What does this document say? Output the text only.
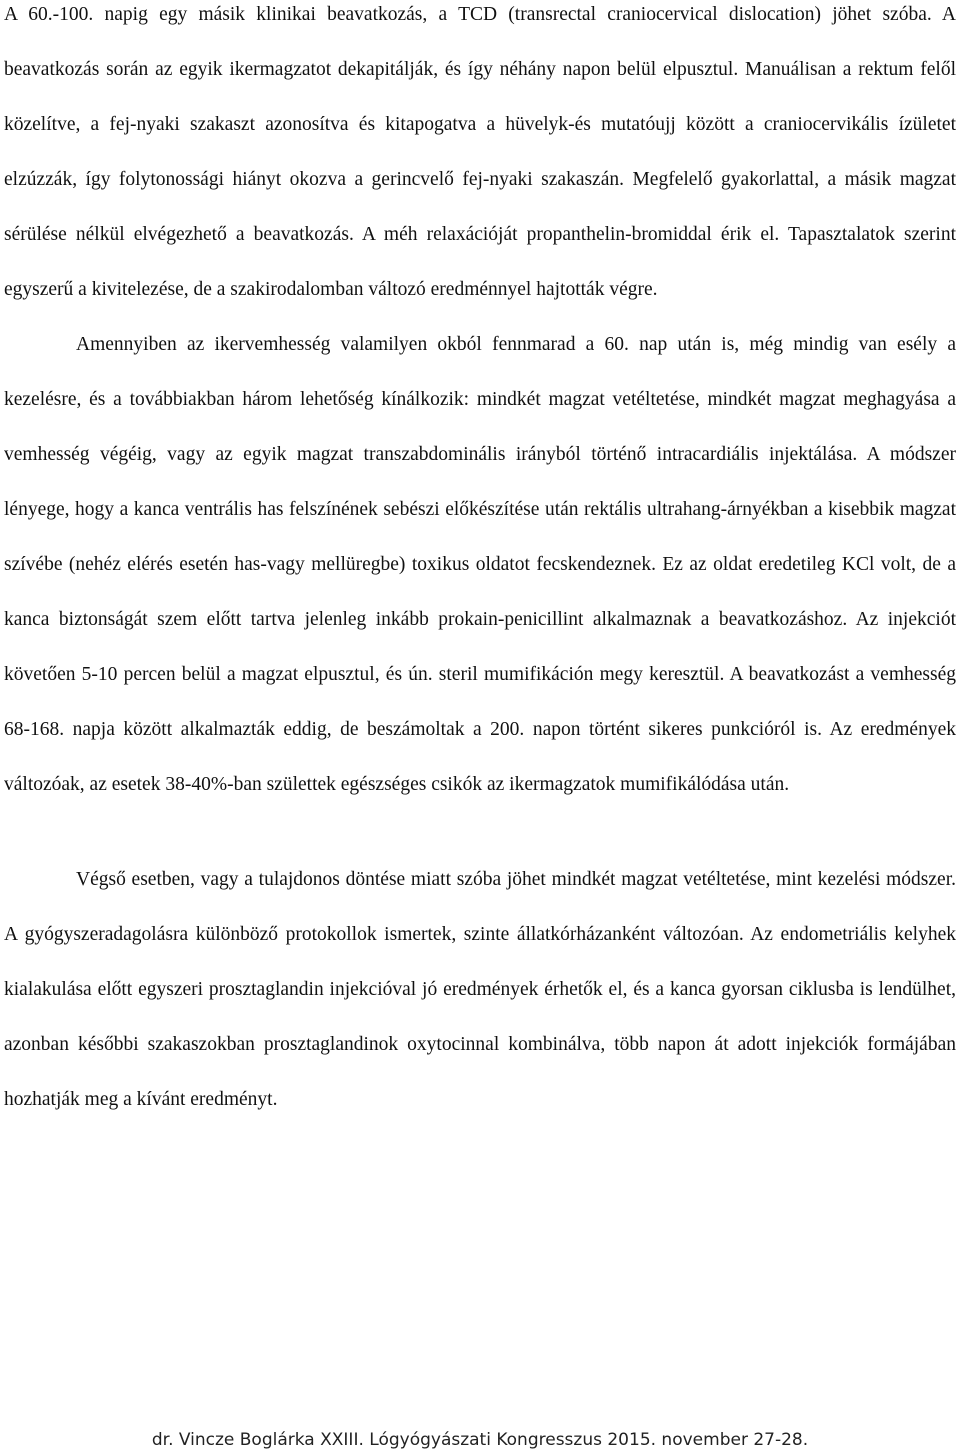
A 60.-100. napig egy másik klinikai beavatkozás, a TCD (transrectal craniocervical dislocation) jöhet szóba. A beavatkozás során az egyik ikermagzatot dekapitálják, és így néhány napon belül elpusztul. Manuálisan a rektum felől közelítve, a fej-nyaki szakaszt azonosítva és kitapogatva a hüvelyk-és mutatóujj között a craniocervikális ízületet elzúzzák, így folytonossági hiányt okozva a gerincvelő fej-nyaki szakaszán. Megfelelő gyakorlattal, a másik magzat sérülése nélkül elvégezhető a beavatkozás. A méh relaxációját propanthelin-bromiddal érik el. Tapasztalatok szerint egyszerű a kivitelezése, de a szakirodalomban változó eredménnyel hajtották végre.

Amennyiben az ikervemhesség valamilyen okból fennmarad a 60. nap után is, még mindig van esély a kezelésre, és a továbbiakban három lehetőség kínálkozik: mindkét magzat vetéltetése, mindkét magzat meghagyása a vemhesség végéig, vagy az egyik magzat transzabdominális irányból történő intracardiális injektálása. A módszer lényege, hogy a kanca ventrális has felszínének sebészi előkészítése után rektális ultrahang-árnyékban a kisebbik magzat szívébe (nehéz elérés esetén has-vagy mellüregbe) toxikus oldatot fecskendeznek. Ez az oldat eredetileg KCl volt, de a kanca biztonságát szem előtt tartva jelenleg inkább prokain-penicillint alkalmaznak a beavatkozáshoz. Az injekciót követően 5-10 percen belül a magzat elpusztul, és ún. steril mumifikáción megy keresztül. A beavatkozást a vemhesség 68-168. napja között alkalmazták eddig, de beszámoltak a 200. napon történt sikeres punkcióról is. Az eredmények változóak, az esetek 38-40%-ban születtek egészséges csikók az ikermagzatok mumifikálódása után.

Végső esetben, vagy a tulajdonos döntése miatt szóba jöhet mindkét magzat vetéltetése, mint kezelési módszer. A gyógyszeradagolásra különböző protokollok ismertek, szinte állatkórházanként változóan. Az endometriális kelyhek kialakulása előtt egyszeri prosztaglandin injekcióval jó eredmények érhetők el, és a kanca gyorsan ciklusba is lendülhet, azonban későbbi szakaszokban prosztaglandinok oxytocinnal kombinálva, több napon át adott injekciók formájában hozhatják meg a kívánt eredményt.

dr. Vincze Boglárka XXIII. Lógyógyászati Kongresszus 2015. november 27-28.
